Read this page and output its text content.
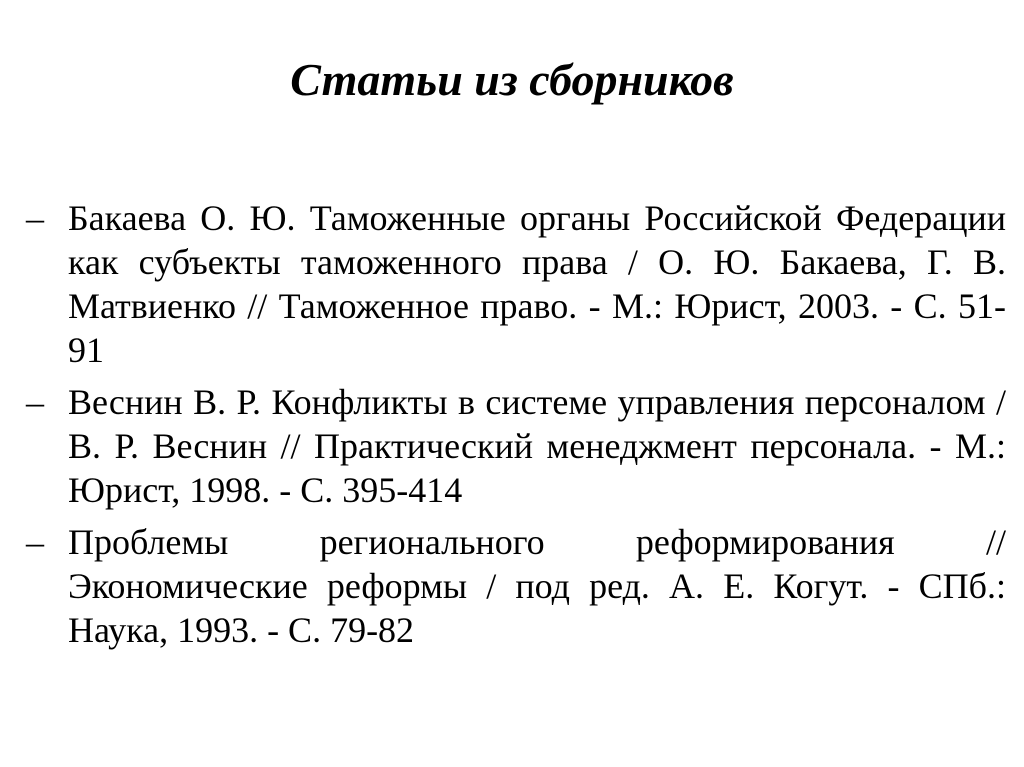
Статьи из сборников
– Бакаева О. Ю. Таможенные органы Российской Федерации как субъекты таможенного права / О. Ю. Бакаева, Г. В. Матвиенко // Таможенное право. - М.: Юрист, 2003. - С. 51-91
– Веснин В. Р. Конфликты в системе управления персоналом / В. Р. Веснин // Практический менеджмент персонала. - М.: Юрист, 1998. - С. 395-414
– Проблемы регионального реформирования // Экономические реформы / под ред. А. Е. Когут. - СПб.: Наука, 1993. - С. 79-82
